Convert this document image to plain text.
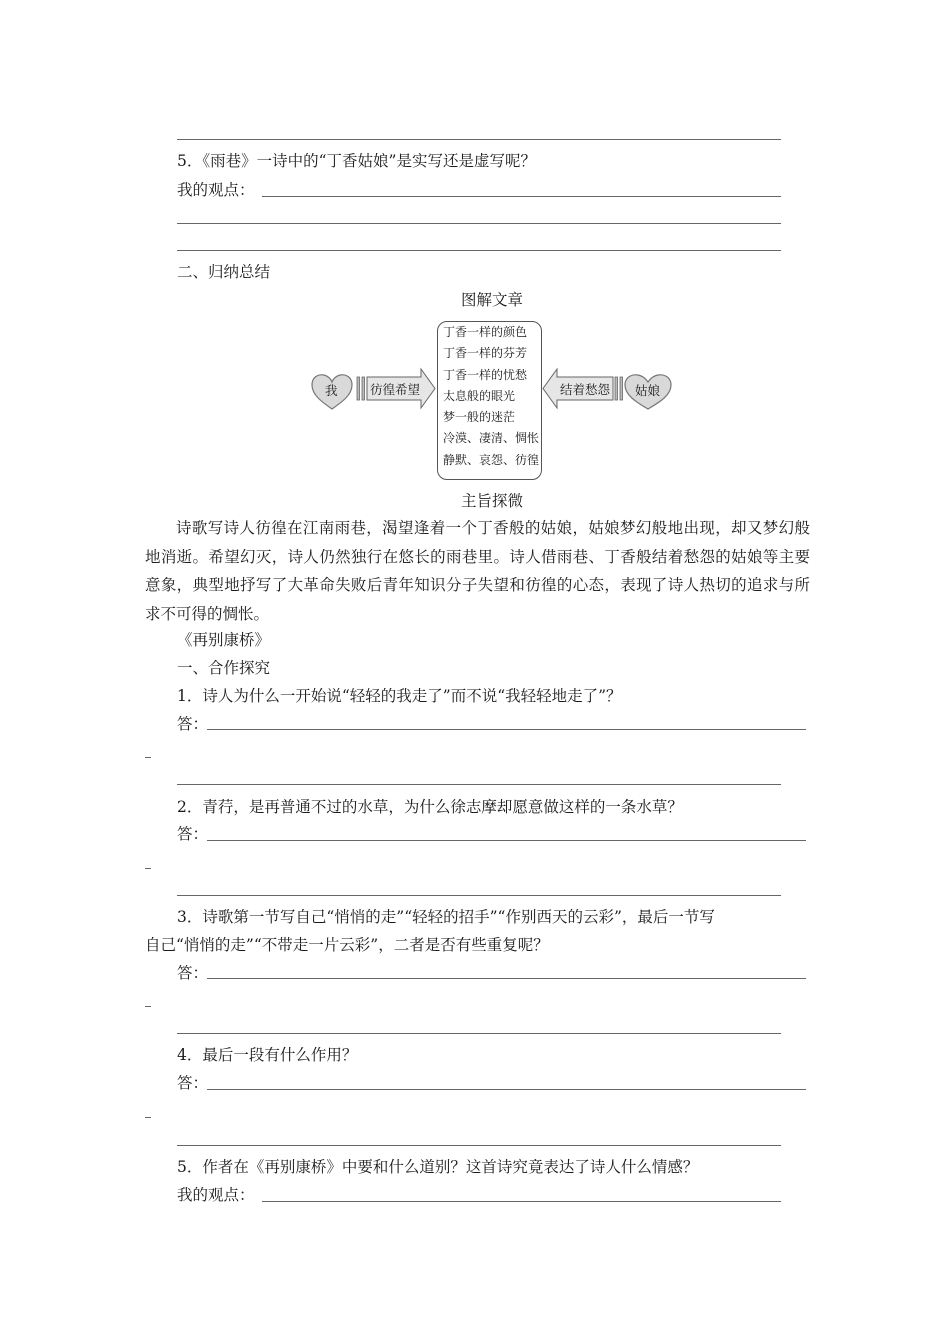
5．《雨巷》一诗中的“丁香姑娘”是实写还是虚写呢？
我的观点：
二、归纳总结
图解文章
我	彷徨希望	结着愁怨 姑娘
丁香一样的颜色
丁香一样的芬芳
丁香一样的忧愁
太息般的眼光
梦一般的迷茫
冷漠、凄清、惆怅
静默、哀怨、彷徨
主旨探微
诗歌写诗人彷徨在江南雨巷，渴望逢着一个丁香般的姑娘，姑娘梦幻般地出现，却又梦幻般地消逝。希望幻灭，诗人仍然独行在悠长的雨巷里。诗人借雨巷、丁香般结着愁怨的姑娘等主要意象，典型地抒写了大革命失败后青年知识分子失望和彷徨的心态，表现了诗人热切的追求与所求不可得的惆怅。
《再别康桥》
一、合作探究
1．诗人为什么一开始说“轻轻的我走了”而不说“我轻轻地走了”？
答：
2．青荇，是再普通不过的水草，为什么徐志摩却愿意做这样的一条水草？
答：
3．诗歌第一节写自己“悄悄的走”“轻轻的招手”“作别西天的云彩”，最后一节写
自己“悄悄的走”“不带走一片云彩”，二者是否有些重复呢？
答：
4．最后一段有什么作用？
答：
5．作者在《再别康桥》中要和什么道别？这首诗究竟表达了诗人什么情感？
我的观点：
